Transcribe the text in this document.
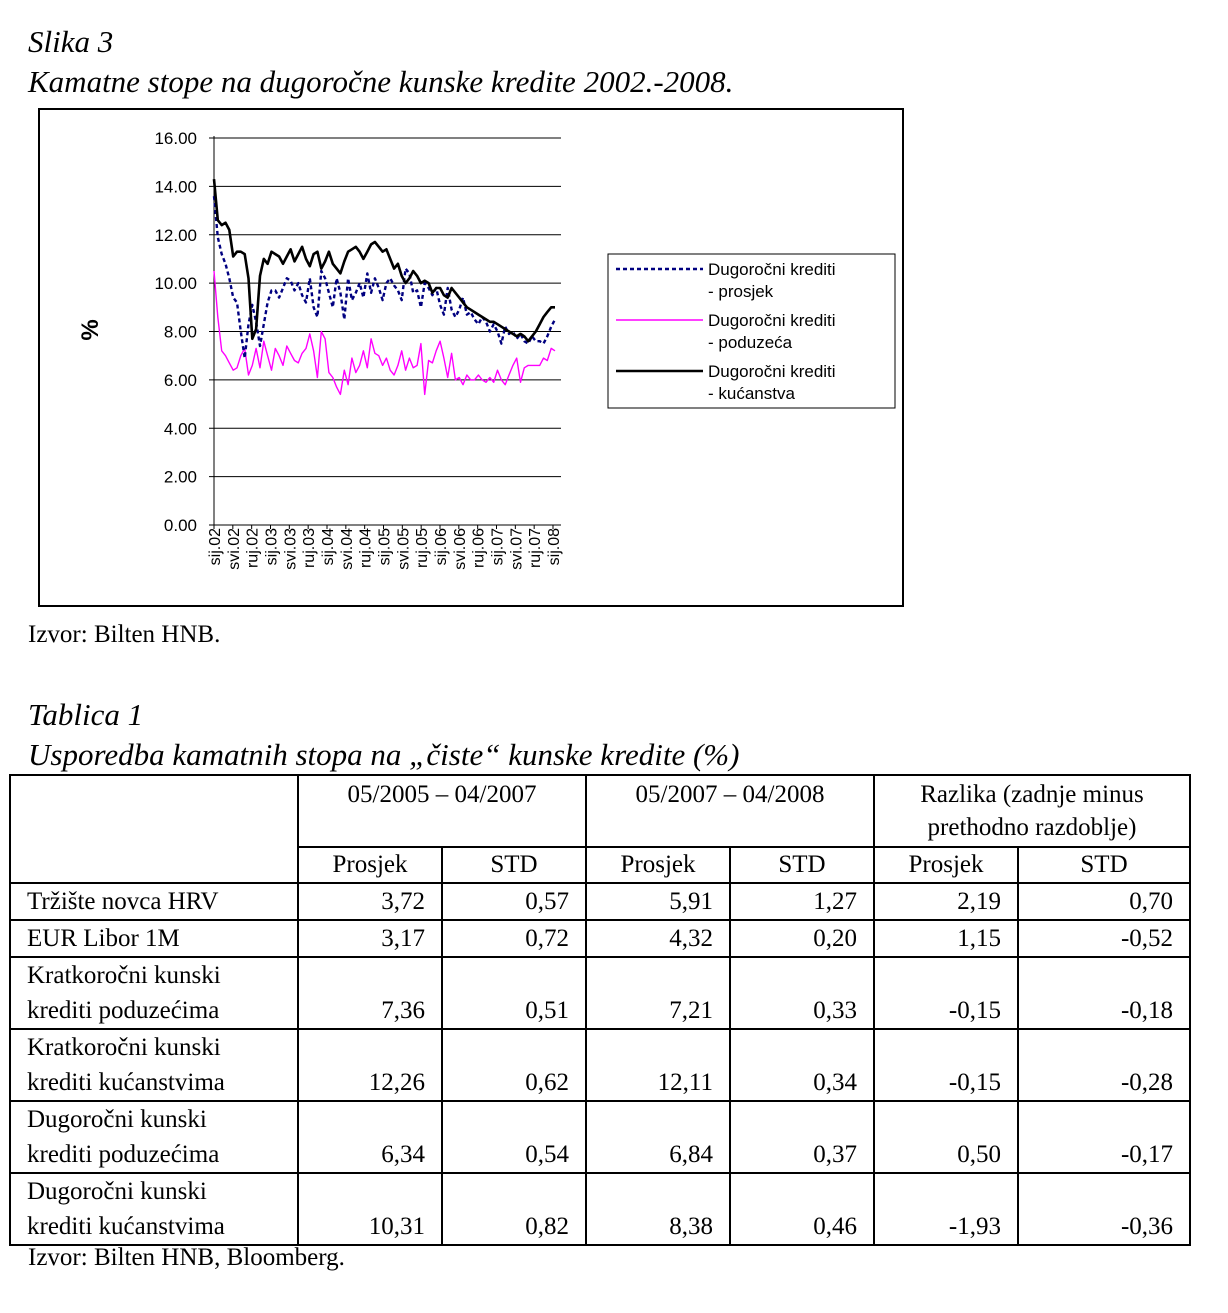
Slika 3
Kamatne stope na dugoročne kunske kredite 2002.-2008.
0.00
2.00
4.00
6.00
8.00
10.00
12.00
14.00
16.00
%
sij.02 svi.02 ruj.02 sij.03 svi.03 ruj.03 sij.04 svi.04 ruj.04 sij.05 svi.05 ruj.05 sij.06 svi.06 ruj.06 sij.07 svi.07 ruj.07 sij.08
Dugoročni krediti
- prosjek
Dugoročni krediti
- poduzeća
Dugoročni krediti
- kućanstva
Izvor: Bilten HNB.
Tablica 1
Usporedba kamatnih stopa na „čiste“ kunske kredite (%)
	05/2005 – 04/2007		05/2007 – 04/2008		Razlika (zadnje minus prethodno razdoblje)	
	Prosjek	STD	Prosjek	STD	Prosjek	STD
Tržište novca HRV	3,72	0,57	5,91	1,27	2,19	0,70
EUR Libor 1M	3,17	0,72	4,32	0,20	1,15	-0,52

Kratkoročni kunski
krediti poduzećima	7,36	0,51	7,21	0,33	-0,15	-0,18

Kratkoročni kunski
krediti kućanstvima	12,26	0,62	12,11	0,34	-0,15	-0,28

Dugoročni kunski
krediti poduzećima	6,34	0,54	6,84	0,37	0,50	-0,17

Dugoročni kunski
krediti kućanstvima	10,31	0,82	8,38	0,46	-1,93	-0,36
Izvor: Bilten HNB, Bloomberg.
